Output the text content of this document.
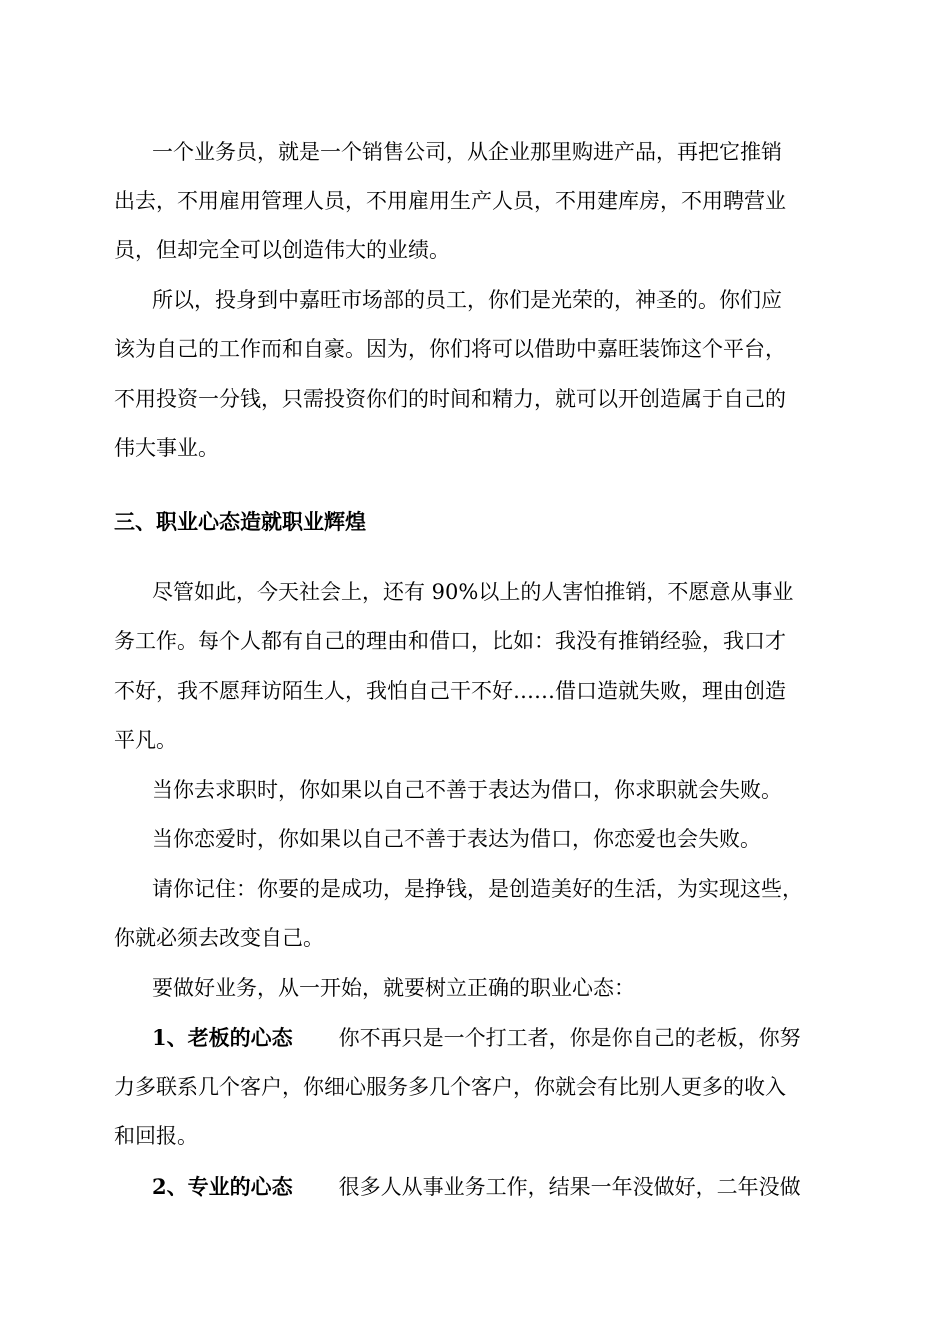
一个业务员，就是一个销售公司，从企业那里购进产品，再把它推销
出去，不用雇用管理人员，不用雇用生产人员，不用建库房，不用聘营业
员，但却完全可以创造伟大的业绩。
所以，投身到中嘉旺市场部的员工，你们是光荣的，神圣的。你们应
该为自己的工作而和自豪。因为，你们将可以借助中嘉旺装饰这个平台，
不用投资一分钱，只需投资你们的时间和精力，就可以开创造属于自己的
伟大事业。
三、职业心态造就职业辉煌
尽管如此，今天社会上，还有 90%以上的人害怕推销，不愿意从事业
务工作。每个人都有自己的理由和借口，比如：我没有推销经验，我口才
不好，我不愿拜访陌生人，我怕自己干不好……借口造就失败，理由创造
平凡。
当你去求职时，你如果以自己不善于表达为借口，你求职就会失败。
当你恋爱时，你如果以自己不善于表达为借口，你恋爱也会失败。
请你记住：你要的是成功，是挣钱，是创造美好的生活，为实现这些，
你就必须去改变自己。
要做好业务，从一开始，就要树立正确的职业心态：
1、老板的心态 你不再只是一个打工者，你是你自己的老板，你努
力多联系几个客户，你细心服务多几个客户，你就会有比别人更多的收入
和回报。
2、专业的心态 很多人从事业务工作，结果一年没做好，二年没做
